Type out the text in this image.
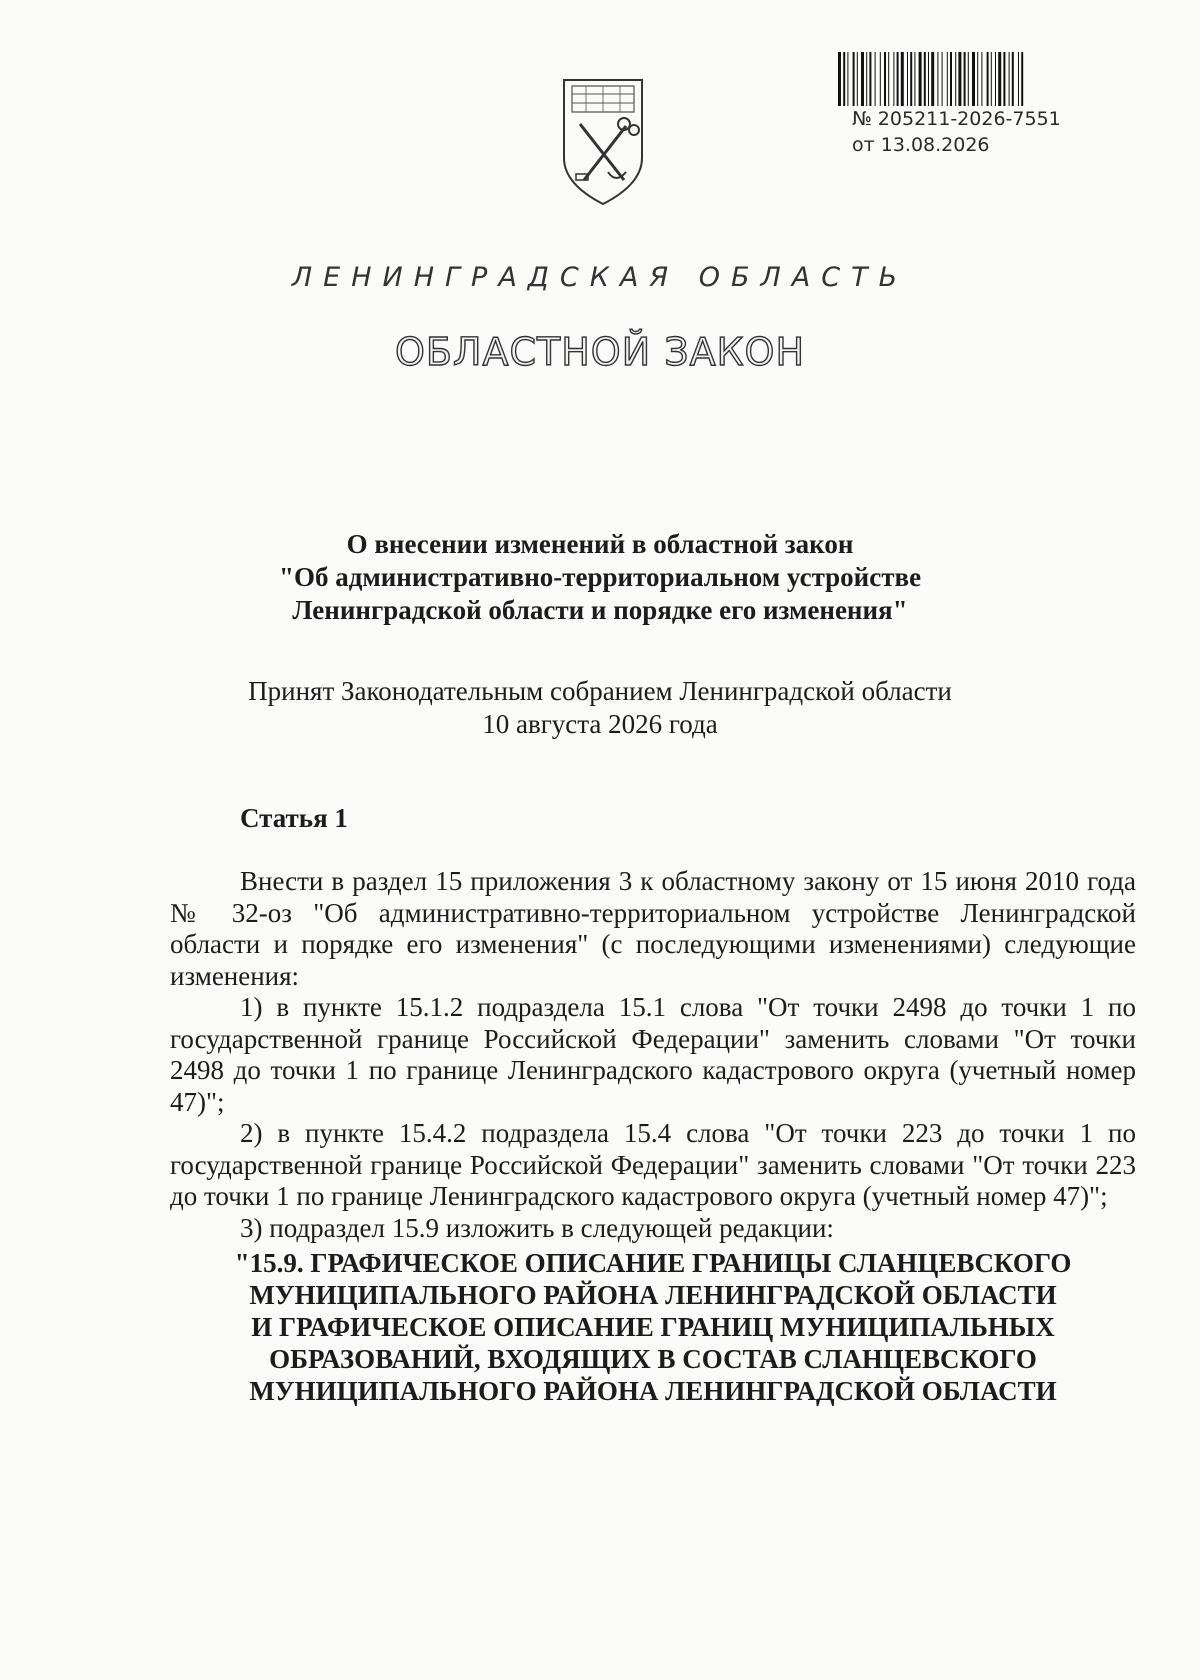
№ 205211-2026-7551
от 13.08.2026
ЛЕНИНГРАДСКАЯ ОБЛАСТЬ
ОБЛАСТНОЙ ЗАКОН
О внесении изменений в областной закон
"Об административно-территориальном устройстве
Ленинградской области и порядке его изменения"
Принят Законодательным собранием Ленинградской области
10 августа 2026 года
Статья 1

Внести в раздел 15 приложения 3 к областному закону от 15 июня 2010 года № 32-оз "Об административно-территориальном устройстве Ленинградской области и порядке его изменения" (с последующими изменениями) следующие изменения:

1) в пункте 15.1.2 подраздела 15.1 слова "От точки 2498 до точки 1 по государственной границе Российской Федерации" заменить словами "От точки 2498 до точки 1 по границе Ленинградского кадастрового округа (учетный номер 47)";

2) в пункте 15.4.2 подраздела 15.4 слова "От точки 223 до точки 1 по государственной границе Российской Федерации" заменить словами "От точки 223 до точки 1 по границе Ленинградского кадастрового округа (учетный номер 47)";

3) подраздел 15.9 изложить в следующей редакции:

"15.9. ГРАФИЧЕСКОЕ ОПИСАНИЕ ГРАНИЦЫ СЛАНЦЕВСКОГО
МУНИЦИПАЛЬНОГО РАЙОНА ЛЕНИНГРАДСКОЙ ОБЛАСТИ
И ГРАФИЧЕСКОЕ ОПИСАНИЕ ГРАНИЦ МУНИЦИПАЛЬНЫХ
ОБРАЗОВАНИЙ, ВХОДЯЩИХ В СОСТАВ СЛАНЦЕВСКОГО
МУНИЦИПАЛЬНОГО РАЙОНА ЛЕНИНГРАДСКОЙ ОБЛАСТИ
